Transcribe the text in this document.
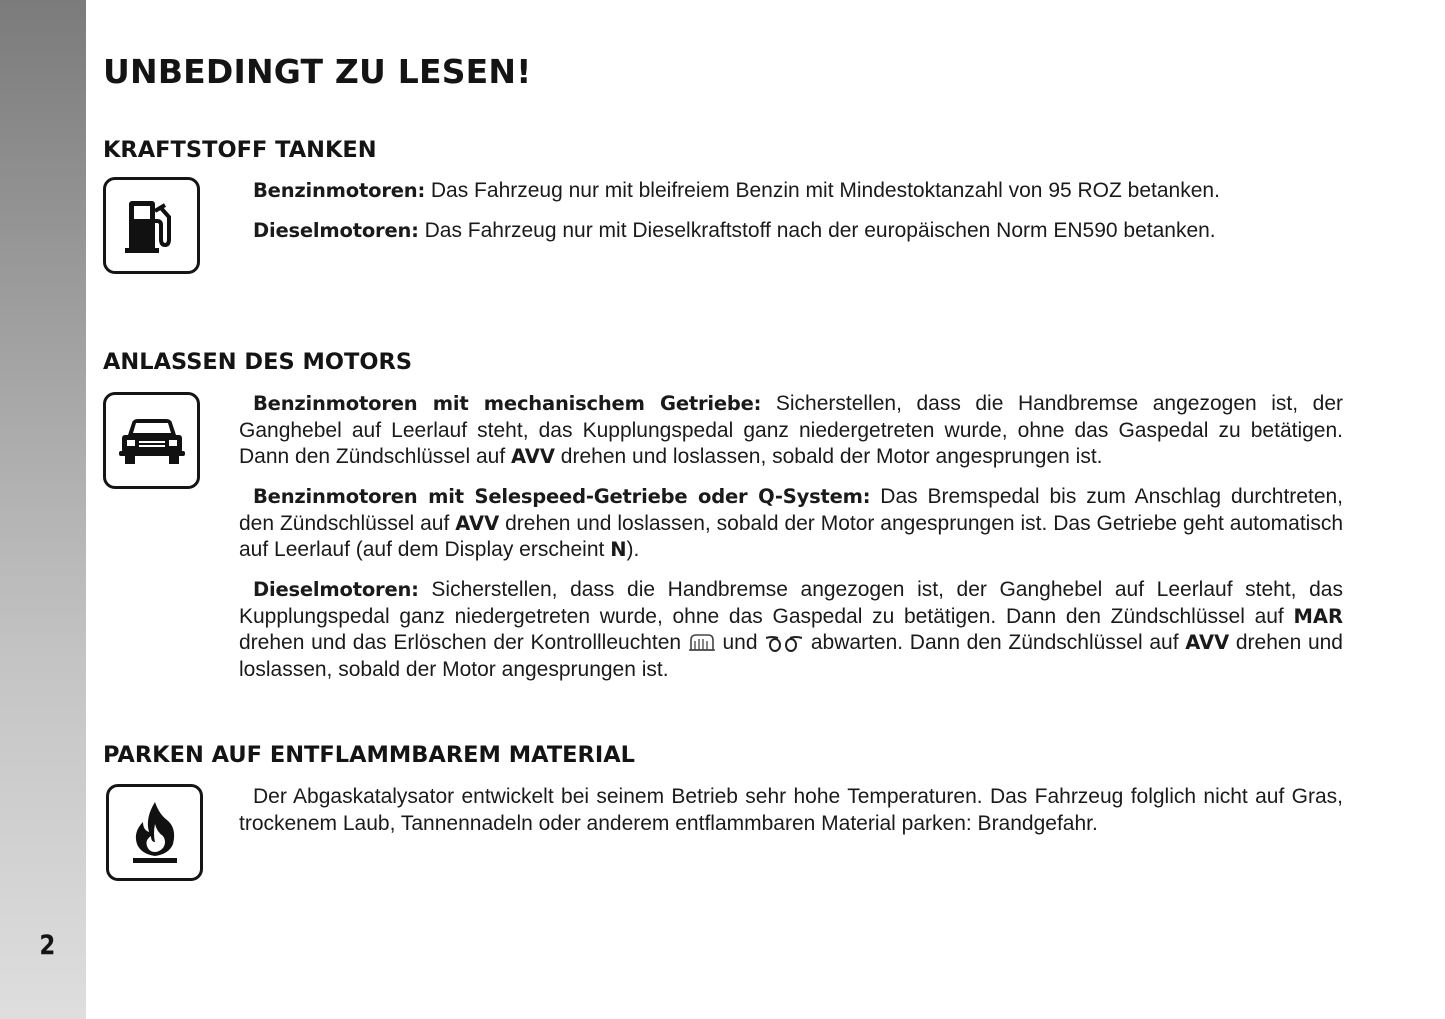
2
UNBEDINGT ZU LESEN!
KRAFTSTOFF TANKEN

Benzinmotoren: Das Fahrzeug nur mit bleifreiem Benzin mit Mindestoktanzahl von 95 ROZ betanken.

Dieselmotoren: Das Fahrzeug nur mit Dieselkraftstoff nach der europäischen Norm EN590 betanken.

ANLASSEN DES MOTORS

Benzinmotoren mit mechanischem Getriebe: Sicherstellen, dass die Handbremse angezogen ist, der Ganghebel auf Leerlauf steht, das Kupplungspedal ganz niedergetreten wurde, ohne das Gaspedal zu betätigen. Dann den Zündschlüssel auf AVV drehen und loslassen, sobald der Motor angesprungen ist.

Benzinmotoren mit Selespeed-Getriebe oder Q-System: Das Bremspedal bis zum Anschlag durchtreten, den Zündschlüssel auf AVV drehen und loslassen, sobald der Motor angesprungen ist. Das Getriebe geht automatisch auf Leerlauf (auf dem Display erscheint N).

Dieselmotoren: Sicherstellen, dass die Handbremse angezogen ist, der Ganghebel auf Leerlauf steht, das Kupplungspedal ganz niedergetreten wurde, ohne das Gaspedal zu betätigen. Dann den Zündschlüssel auf MAR drehen und das Erlöschen der Kontrollleuchten  und  abwarten. Dann den Zündschlüssel auf AVV drehen und loslassen, sobald der Motor angesprungen ist.

PARKEN AUF ENTFLAMMBAREM MATERIAL

Der Abgaskatalysator entwickelt bei seinem Betrieb sehr hohe Temperaturen. Das Fahrzeug folglich nicht auf Gras, trockenem Laub, Tannennadeln oder anderem entflammbaren Material parken: Brandgefahr.
